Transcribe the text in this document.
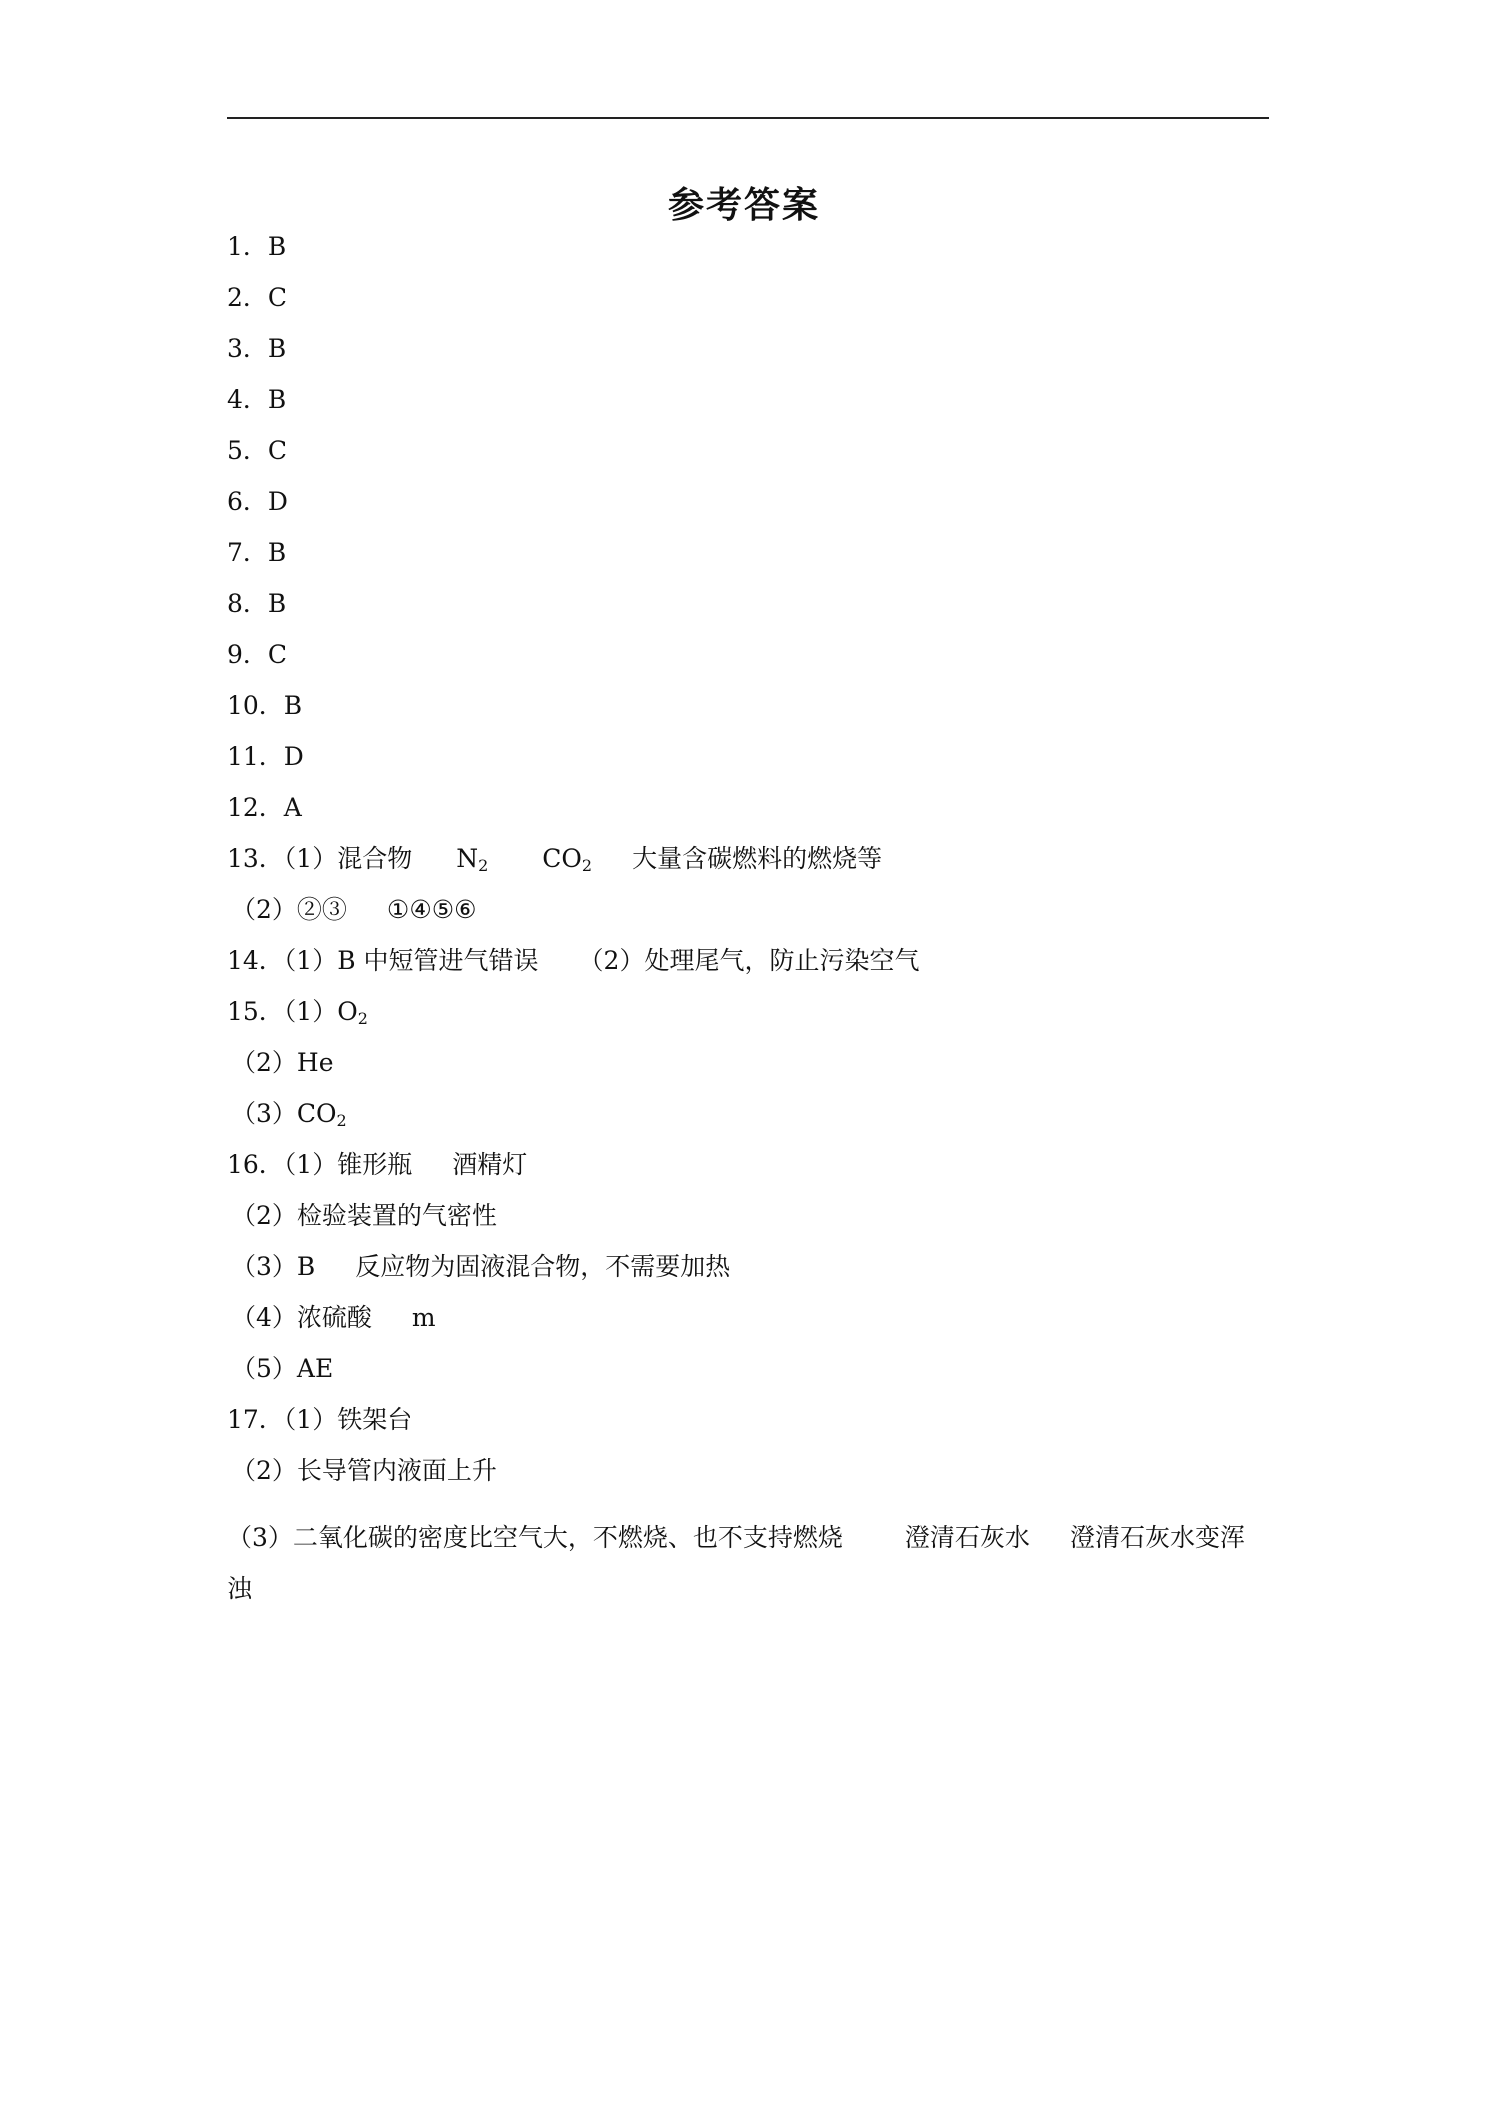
参考答案
1．B
2．C
3．B
4．B
5．C
6．D
7．B
8．B
9．C
10．B
11．D
12．A
13．（1）混合物 $N_2$ $CO_2$ 大量含碳燃料的燃烧等
（2）②③ ①④⑤⑥
14．（1）B 中短管进气错误 （2）处理尾气，防止污染空气
15．$(1)O_2$
（2）He
$(3)CO_2$
16．（1）锥形瓶 酒精灯
（2）检验装置的气密性
（3）B 反应物为固液混合物，不需要加热
（4）浓硫酸 m
（5）AE
17．（1）铁架台
（2）长导管内液面上升
（3）二氧化碳的密度比空气大，不燃烧、也不支持燃烧 澄清石灰水 澄清石灰水变浑浊
